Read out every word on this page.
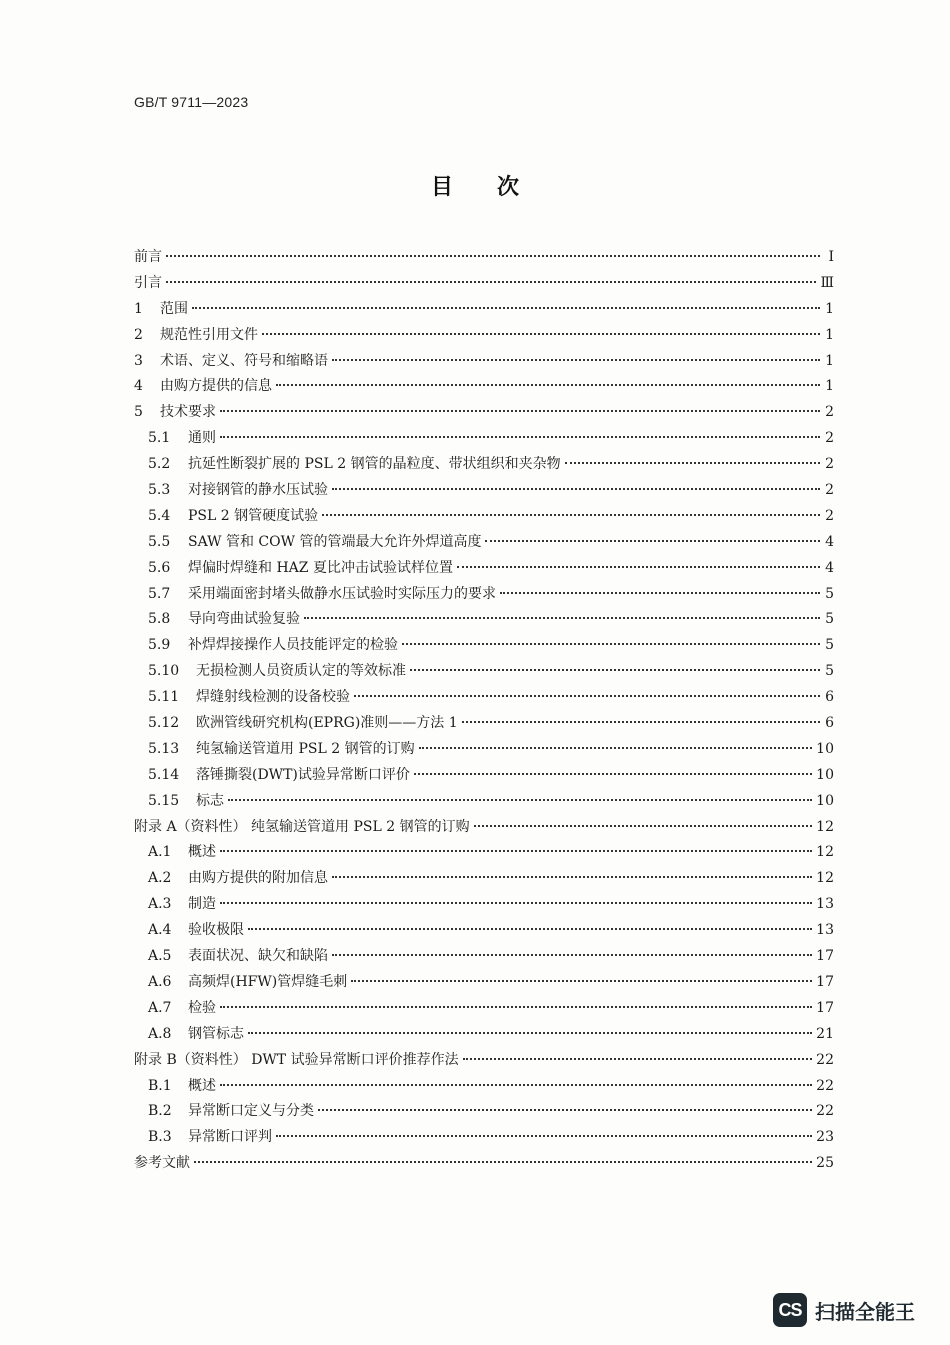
GB/T 9711—2023
目次
前言	Ⅰ
引言	Ⅲ
1	范围	1
2	规范性引用文件	1
3	术语、定义、符号和缩略语	1
4	由购方提供的信息	1
5	技术要求	2
5.1	通则	2
5.2	抗延性断裂扩展的 PSL 2 钢管的晶粒度、带状组织和夹杂物	2
5.3	对接钢管的静水压试验	2
5.4	PSL 2 钢管硬度试验	2
5.5	SAW 管和 COW 管的管端最大允许外焊道高度	4
5.6	焊偏时焊缝和 HAZ 夏比冲击试验试样位置	4
5.7	采用端面密封堵头做静水压试验时实际压力的要求	5
5.8	导向弯曲试验复验	5
5.9	补焊焊接操作人员技能评定的检验	5
5.10	无损检测人员资质认定的等效标准	5
5.11	焊缝射线检测的设备校验	6
5.12	欧洲管线研究机构(EPRG)准则——方法 1	6
5.13	纯氢输送管道用 PSL 2 钢管的订购	10
5.14	落锤撕裂(DWT)试验异常断口评价	10
5.15	标志	10
附录 A（资料性） 纯氢输送管道用 PSL 2 钢管的订购	12
A.1	概述	12
A.2	由购方提供的附加信息	12
A.3	制造	13
A.4	验收极限	13
A.5	表面状况、缺欠和缺陷	17
A.6	高频焊(HFW)管焊缝毛刺	17
A.7	检验	17
A.8	钢管标志	21
附录 B（资料性） DWT 试验异常断口评价推荐作法	22
B.1	概述	22
B.2	异常断口定义与分类	22
B.3	异常断口评判	23
参考文献	25
CS 扫描全能王
